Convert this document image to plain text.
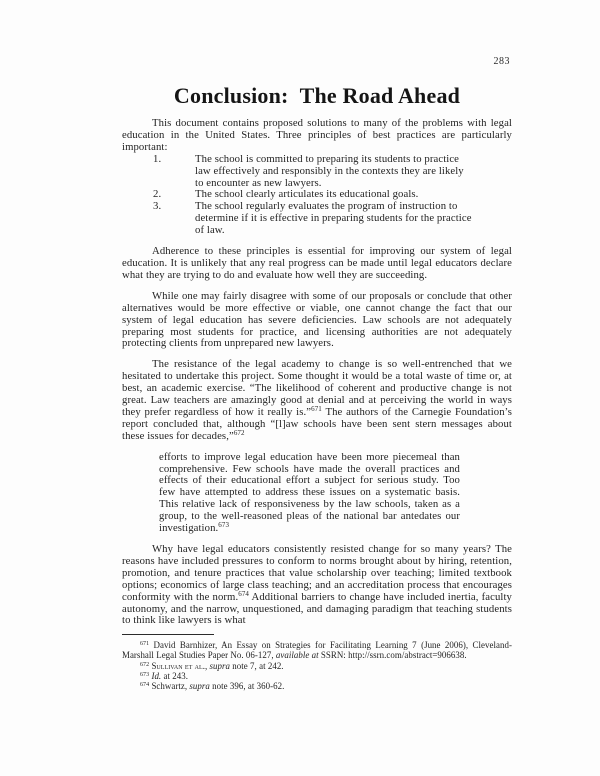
283
Conclusion:  The Road Ahead

This document contains proposed solutions to many of the problems with legal education in the United States. Three principles of best practices are particularly important:

1.	The school is committed to preparing its students to practice law effectively and responsibly in the contexts they are likely to encounter as new lawyers.
2.	The school clearly articulates its educational goals.
3.	The school regularly evaluates the program of instruction to determine if it is effective in preparing students for the practice of law.

Adherence to these principles is essential for improving our system of legal education. It is unlikely that any real progress can be made until legal educators declare what they are trying to do and evaluate how well they are succeeding.

While one may fairly disagree with some of our proposals or conclude that other alternatives would be more effective or viable, one cannot change the fact that our system of legal education has severe deficiencies. Law schools are not adequately preparing most students for practice, and licensing authorities are not adequately protecting clients from unprepared new lawyers.

The resistance of the legal academy to change is so well-entrenched that we hesitated to undertake this project. Some thought it would be a total waste of time or, at best, an academic exercise. “The likelihood of coherent and productive change is not great. Law teachers are amazingly good at denial and at perceiving the world in ways they prefer regardless of how it really is.”$^{671}$ The authors of the Carnegie Foundation’s report concluded that, although “[l]aw schools have been sent stern messages about these issues for decades,”$^{672}$

efforts to improve legal education have been more piecemeal than comprehensive. Few schools have made the overall practices and effects of their educational effort a subject for serious study. Too few have attempted to address these issues on a systematic basis. This relative lack of responsiveness by the law schools, taken as a group, to the well-reasoned pleas of the national bar antedates our investigation.$^{673}$

Why have legal educators consistently resisted change for so many years? The reasons have included pressures to conform to norms brought about by hiring, retention, promotion, and tenure practices that value scholarship over teaching; limited textbook options; economics of large class teaching; and an accreditation process that encourages conformity with the norm.$^{674}$ Additional barriers to change have included inertia, faculty autonomy, and the narrow, unquestioned, and damaging paradigm that teaching students to think like lawyers is what

$^{671}$ David Barnhizer, An Essay on Strategies for Facilitating Learning 7 (June 2006), Cleveland-Marshall Legal Studies Paper No. 06-127, available at SSRN: http://ssrn.com/abstract=906638.

$^{672}$ Sullivan et al., supra note 7, at 242.

$^{673}$ Id. at 243.

$^{674}$ Schwartz, supra note 396, at 360-62.
